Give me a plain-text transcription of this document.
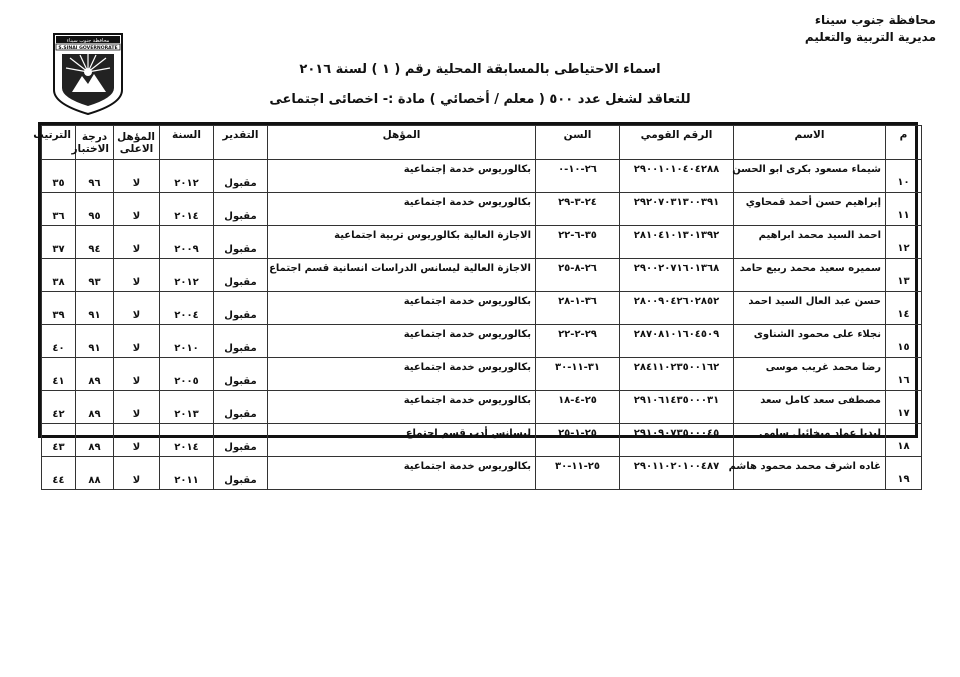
محافظة جنوب سيناء
مديرية التربية والتعليم
محافظة جنوب سيناء
S.SINAI GOVERNORATE
اسماء الاحتياطى بالمسابقة المحلية رقم ( ١ ) لسنة ٢٠١٦
للتعاقد لشغل عدد ٥٠٠ ( معلم / أخصائي ) مادة :- اخصائى اجتماعى
م	الاسم	الرقم القومي	السن	المؤهل	التقدير	السنة	المؤهل الاعلى	درجة الاختبار	الترتيب
١٠	شيماء مسعود بكرى ابو الحسن	٢٩٠٠١٠١٠٤٠٤٢٨٨	٢٦-١٠-٠	بكالوريوس خدمة إجتماعية	مقبول	٢٠١٢	لا	٩٦	٣٥
١١	إبراهيم حسن أحمد قمحاوي	٢٩٢٠٧٠٣١٣٠٠٣٩١	٢٤-٣-٢٩	بكالوريوس خدمة اجتماعية	مقبول	٢٠١٤	لا	٩٥	٣٦
١٢	احمد السيد محمد ابراهيم	٢٨١٠٤١٠١٣٠١٣٩٢	٣٥-٦-٢٢	الاجازة العالية بكالوريوس تربية اجتماعية	مقبول	٢٠٠٩	لا	٩٤	٣٧
١٣	سميره سعيد محمد ربيع حامد	٢٩٠٠٢٠٧١٦٠١٣٦٨	٢٦-٨-٢٥	الاجازة العالية ليسانس الدراسات انسانية قسم اجتماع	مقبول	٢٠١٢	لا	٩٣	٣٨
١٤	حسن عبد العال السيد احمد	٢٨٠٠٩٠٤٢٦٠٢٨٥٢	٣٦-١-٢٨	بكالوريوس خدمة اجتماعية	مقبول	٢٠٠٤	لا	٩١	٣٩
١٥	نجلاء على محمود الشناوى	٢٨٧٠٨١٠١٦٠٤٥٠٩	٢٩-٢-٢٢	بكالوريوس خدمة اجتماعية	مقبول	٢٠١٠	لا	٩١	٤٠
١٦	رضا محمد غريب موسى	٢٨٤١١٠٢٣٥٠٠١٦٢	٣١-١١-٣٠	بكالوريوس خدمة اجتماعية	مقبول	٢٠٠٥	لا	٨٩	٤١
١٧	مصطفى سعد كامل سعد	٢٩١٠٦١٤٣٥٠٠٠٣١	٢٥-٤-١٨	بكالوريوس خدمة اجتماعية	مقبول	٢٠١٣	لا	٨٩	٤٢
١٨	ليديا عماد ميخائيل سامى	٢٩١٠٩٠٧٣٥٠٠٠٤٥	٢٥-١-٢٥	ليسانس أدب قسم اجتماع	مقبول	٢٠١٤	لا	٨٩	٤٣
١٩	غاده اشرف محمد محمود هاشم	٢٩٠١١٠٢٠١٠٠٤٨٧	٢٥-١١-٣٠	بكالوريوس خدمة اجتماعية	مقبول	٢٠١١	لا	٨٨	٤٤
